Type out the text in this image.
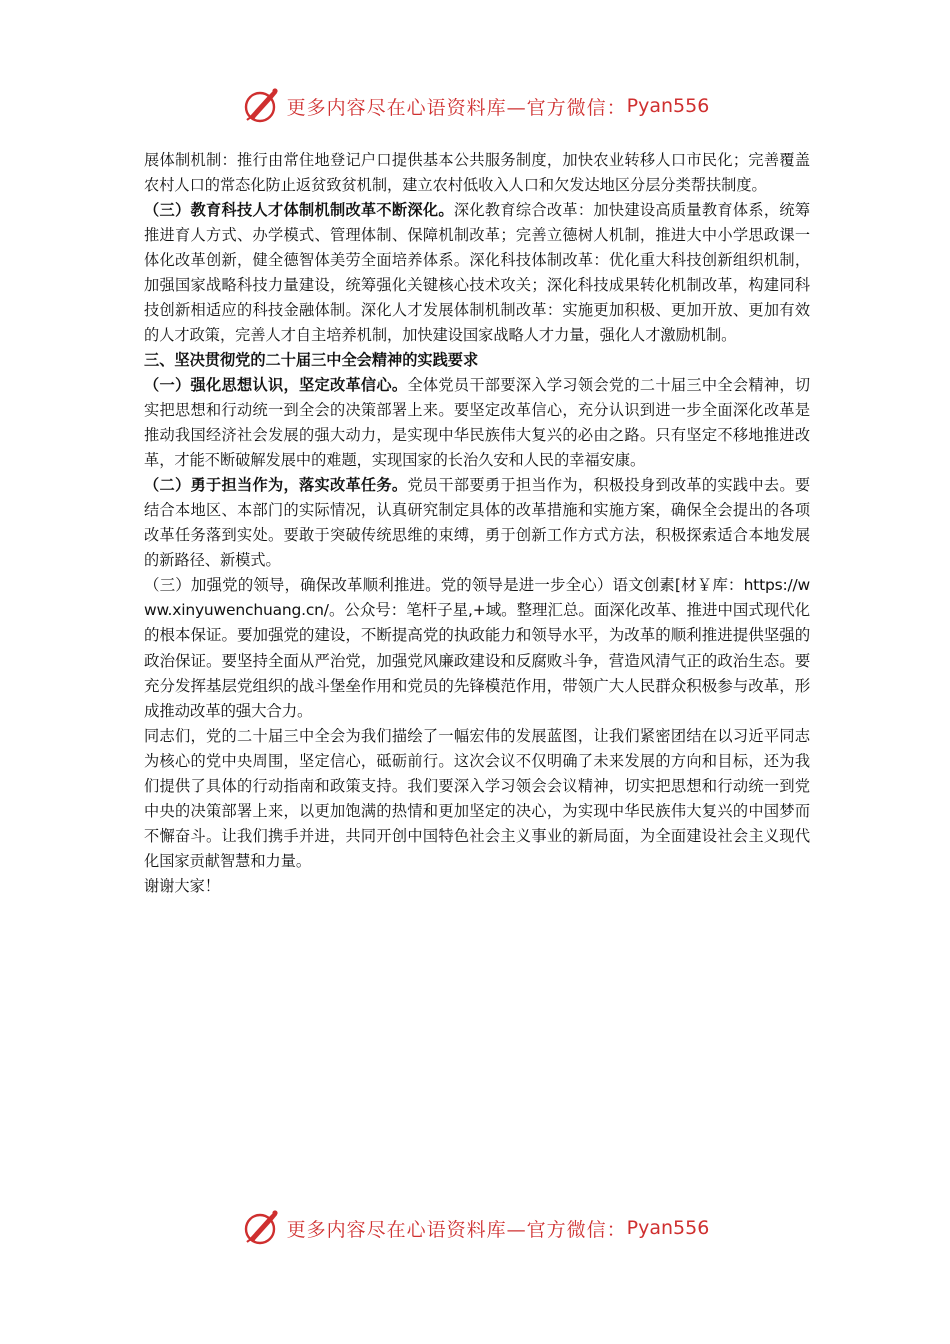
更多内容尽在心语资料库—官方微信： Pyan556

展体制机制：推行由常住地登记户口提供基本公共服务制度，加快农业转移人口市民化；完善覆盖农村人口的常态化防止返贫致贫机制，建立农村低收入人口和欠发达地区分层分类帮扶制度。

（三）教育科技人才体制机制改革不断深化。深化教育综合改革：加快建设高质量教育体系，统筹推进育人方式、办学模式、管理体制、保障机制改革；完善立德树人机制，推进大中小学思政课一体化改革创新，健全德智体美劳全面培养体系。深化科技体制改革：优化重大科技创新组织机制，加强国家战略科技力量建设，统筹强化关键核心技术攻关；深化科技成果转化机制改革，构建同科技创新相适应的科技金融体制。深化人才发展体制机制改革：实施更加积极、更加开放、更加有效的人才政策，完善人才自主培养机制，加快建设国家战略人才力量，强化人才激励机制。

三、坚决贯彻党的二十届三中全会精神的实践要求

（一）强化思想认识，坚定改革信心。全体党员干部要深入学习领会党的二十届三中全会精神，切实把思想和行动统一到全会的决策部署上来。要坚定改革信心，充分认识到进一步全面深化改革是推动我国经济社会发展的强大动力，是实现中华民族伟大复兴的必由之路。只有坚定不移地推进改革，才能不断破解发展中的难题，实现国家的长治久安和人民的幸福安康。

（二）勇于担当作为，落实改革任务。党员干部要勇于担当作为，积极投身到改革的实践中去。要结合本地区、本部门的实际情况，认真研究制定具体的改革措施和实施方案，确保全会提出的各项改革任务落到实处。要敢于突破传统思维的束缚，勇于创新工作方式方法，积极探索适合本地发展的新路径、新模式。

（三）加强党的领导，确保改革顺利推进。党的领导是进一步全心）语文创素[材￥库：https://www.xinyuwenchuang.cn/。公众号：笔杆子星,+域。整理汇总。面深化改革、推进中国式现代化的根本保证。要加强党的建设，不断提高党的执政能力和领导水平，为改革的顺利推进提供坚强的政治保证。要坚持全面从严治党，加强党风廉政建设和反腐败斗争，营造风清气正的政治生态。要充分发挥基层党组织的战斗堡垒作用和党员的先锋模范作用，带领广大人民群众积极参与改革，形成推动改革的强大合力。

同志们，党的二十届三中全会为我们描绘了一幅宏伟的发展蓝图，让我们紧密团结在以习近平同志为核心的党中央周围，坚定信心，砥砺前行。这次会议不仅明确了未来发展的方向和目标，还为我们提供了具体的行动指南和政策支持。我们要深入学习领会会议精神，切实把思想和行动统一到党中央的决策部署上来，以更加饱满的热情和更加坚定的决心，为实现中华民族伟大复兴的中国梦而不懈奋斗。让我们携手并进，共同开创中国特色社会主义事业的新局面，为全面建设社会主义现代化国家贡献智慧和力量。

谢谢大家！

更多内容尽在心语资料库—官方微信： Pyan556
